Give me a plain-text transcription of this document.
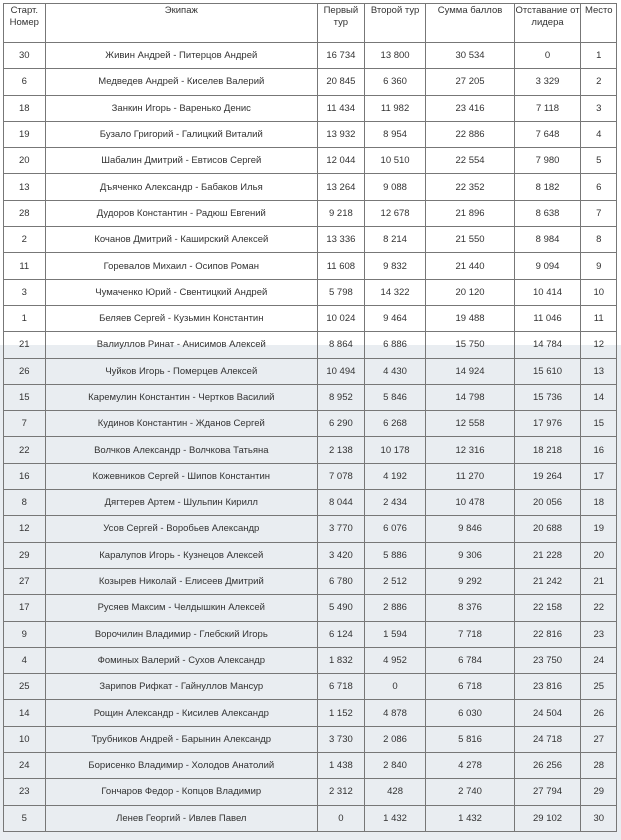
Старт. Номер	Экипаж	Первый тур	Второй тур	Сумма баллов	Отставание от лидера	Место
30	Живин Андрей - Питерцов Андрей	16 734	13 800	30 534	0	1
6	Медведев Андрей - Киселев Валерий	20 845	6 360	27 205	3 329	2
18	Занкин Игорь - Варенько Денис	11 434	11 982	23 416	7 118	3
19	Бузало Григорий - Галицкий Виталий	13 932	8 954	22 886	7 648	4
20	Шабалин Дмитрий - Евтисов Сергей	12 044	10 510	22 554	7 980	5
13	Дъяченко Александр - Бабаков Илья	13 264	9 088	22 352	8 182	6
28	Дудоров Константин - Радюш Евгений	9 218	12 678	21 896	8 638	7
2	Кочанов Дмитрий - Каширский Алексей	13 336	8 214	21 550	8 984	8
11	Горевалов Михаил - Осипов Роман	11 608	9 832	21 440	9 094	9
3	Чумаченко Юрий - Свентицкий Андрей	5 798	14 322	20 120	10 414	10
1	Беляев Сергей - Кузьмин Константин	10 024	9 464	19 488	11 046	11
21	Валиуллов Ринат - Анисимов Алексей	8 864	6 886	15 750	14 784	12
26	Чуйков Игорь - Померцев Алексей	10 494	4 430	14 924	15 610	13
15	Каремулин Константин - Чертков Василий	8 952	5 846	14 798	15 736	14
7	Кудинов Константин - Жданов Сергей	6 290	6 268	12 558	17 976	15
22	Волчков Александр - Волчкова Татьяна	2 138	10 178	12 316	18 218	16
16	Кожевников Сергей - Шипов Константин	7 078	4 192	11 270	19 264	17
8	Дягтерев Артем - Шульпин Кирилл	8 044	2 434	10 478	20 056	18
12	Усов Сергей - Воробьев Александр	3 770	6 076	9 846	20 688	19
29	Каралупов Игорь - Кузнецов Алексей	3 420	5 886	9 306	21 228	20
27	Козырев Николай - Елисеев Дмитрий	6 780	2 512	9 292	21 242	21
17	Русяев Максим - Челдышкин Алексей	5 490	2 886	8 376	22 158	22
9	Ворочилин Владимир - Глебский Игорь	6 124	1 594	7 718	22 816	23
4	Фоминых Валерий - Сухов Александр	1 832	4 952	6 784	23 750	24
25	Зарипов Рифкат - Гайнуллов Мансур	6 718	0	6 718	23 816	25
14	Рощин Александр - Кисилев Александр	1 152	4 878	6 030	24 504	26
10	Трубников Андрей - Барынин Александр	3 730	2 086	5 816	24 718	27
24	Борисенко Владимир - Холодов Анатолий	1 438	2 840	4 278	26 256	28
23	Гончаров Федор - Копцов Владимир	2 312	428	2 740	27 794	29
5	Ленев Георгий - Ивлев Павел	0	1 432	1 432	29 102	30
